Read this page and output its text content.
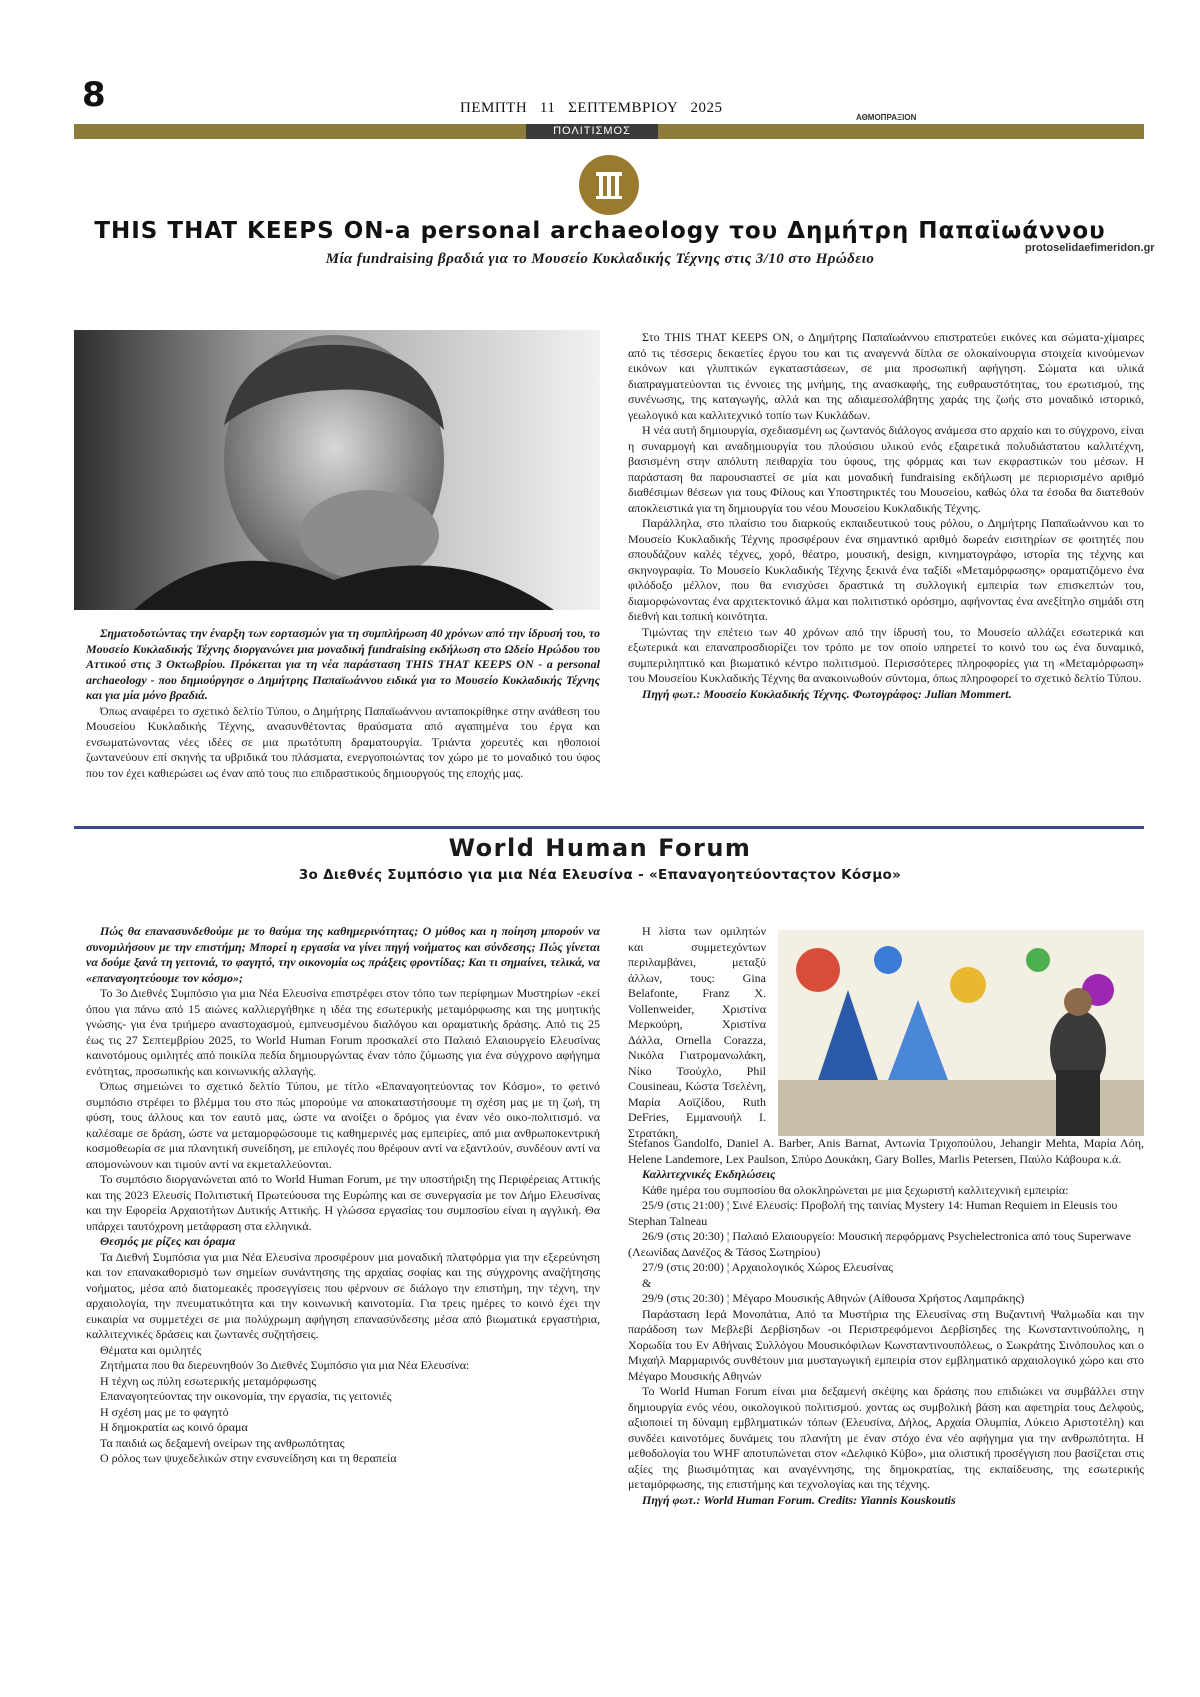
8	ΠΕΜΠΤΗ   11   ΣΕΠΤΕΜΒΡΙΟΥ   2025
ΑΘΜΟΠΡΑΞΙΟΝ
ΠΟΛΙΤΙΣΜΟΣ
THIS THAT KEEPS ON-a personal archaeology του Δημήτρη Παπαϊωάννου
protoselidaefimeridon.gr
Μία fundraising βραδιά για το Μουσείο Κυκλαδικής Τέχνης στις 3/10 στο Ηρώδειο

Σηματοδοτώντας την έναρξη των εορτασμών για τη συμπλήρωση 40 χρόνων από την ίδρυσή του, το Μουσείο Κυκλαδικής Τέχνης διοργανώνει μια μοναδική fundraising εκδήλωση στο Ωδείο Ηρώδου του Αττικού στις 3 Οκτωβρίου. Πρόκειται για τη νέα παράσταση THIS THAT KEEPS ON - a personal archaeology - που δημιούργησε ο Δημήτρης Παπαϊωάννου ειδικά για το Μουσείο Κυκλαδικής Τέχνης και για μία μόνο βραδιά.

Όπως αναφέρει το σχετικό δελτίο Τύπου, ο Δημήτρης Παπαϊωάννου ανταποκρίθηκε στην ανάθεση του Μουσείου Κυκλαδικής Τέχνης, ανασυνθέτοντας θραύσματα από αγαπημένα του έργα και ενσωματώνοντας νέες ιδέες σε μια πρωτότυπη δραματουργία. Τριάντα χορευτές και ηθοποιοί ζωντανεύουν επί σκηνής τα υβριδικά του πλάσματα, ενεργοποιώντας τον χώρο με το μοναδικό του ύφος που τον έχει καθιερώσει ως έναν από τους πιο επιδραστικούς δημιουργούς της εποχής μας.

Στο THIS THAT KEEPS ON, ο Δημήτρης Παπαϊωάννου επιστρατεύει εικόνες και σώματα-χίμαιρες από τις τέσσερις δεκαετίες έργου του και τις αναγεννά δίπλα σε ολοκαίνουργια στοιχεία κινούμενων εικόνων και γλυπτικών εγκαταστάσεων, σε μια προσωπική αφήγηση. Σώματα και υλικά διαπραγματεύονται τις έννοιες της μνήμης, της ανασκαφής, της ευθραυστότητας, του ερωτισμού, της συνένωσης, της καταγωγής, αλλά και της αδιαμεσολάβητης χαράς της ζωής στο μοναδικό ιστορικό, γεωλογικό και καλλιτεχνικό τοπίο των Κυκλάδων.

Η νέα αυτή δημιουργία, σχεδιασμένη ως ζωντανός διάλογος ανάμεσα στο αρχαίο και το σύγχρονο, είναι η συναρμογή και αναδημιουργία του πλούσιου υλικού ενός εξαιρετικά πολυδιάστατου καλλιτέχνη, βασισμένη στην απόλυτη πειθαρχία του ύφους, της φόρμας και των εκφραστικών του μέσων. Η παράσταση θα παρουσιαστεί σε μία και μοναδική fundraising εκδήλωση με περιορισμένο αριθμό διαθέσιμων θέσεων για τους Φίλους και Υποστηρικτές του Μουσείου, καθώς όλα τα έσοδα θα διατεθούν αποκλειστικά για τη δημιουργία του νέου Μουσείου Κυκλαδικής Τέχνης.

Παράλληλα, στο πλαίσιο του διαρκούς εκπαιδευτικού τους ρόλου, ο Δημήτρης Παπαϊωάννου και το Μουσείο Κυκλαδικής Τέχνης προσφέρουν ένα σημαντικό αριθμό δωρεάν εισιτηρίων σε φοιτητές που σπουδάζουν καλές τέχνες, χορό, θέατρο, μουσική, design, κινηματογράφο, ιστορία της τέχνης και σκηνογραφία. Το Μουσείο Κυκλαδικής Τέχνης ξεκινά ένα ταξίδι «Μεταμόρφωσης» οραματιζόμενο ένα φιλόδοξο μέλλον, που θα ενισχύσει δραστικά τη συλλογική εμπειρία των επισκεπτών του, διαμορφώνοντας ένα αρχιτεκτονικό άλμα και πολιτιστικό ορόσημο, αφήνοντας ένα ανεξίτηλο σημάδι στη διεθνή και τοπική κοινότητα.

Τιμώντας την επέτειο των 40 χρόνων από την ίδρυσή του, το Μουσείο αλλάζει εσωτερικά και εξωτερικά και επαναπροσδιορίζει τον τρόπο με τον οποίο υπηρετεί το κοινό του ως ένα δυναμικό, συμπεριληπτικό και βιωματικό κέντρο πολιτισμού. Περισσότερες πληροφορίες για τη «Μεταμόρφωση» του Μουσείου Κυκλαδικής Τέχνης θα ανακοινωθούν σύντομα, όπως πληροφορεί το σχετικό δελτίο Τύπου.

Πηγή φωτ.: Μουσείο Κυκλαδικής Τέχνης. Φωτογράφος: Julian Mommert.

World Human Forum
3ο Διεθνές Συμπόσιο για μια Νέα Ελευσίνα - «Επαναγοητεύονταςτον Κόσμο»

Πώς θα επανασυνδεθούμε με το θαύμα της καθημερινότητας; Ο μύθος και η ποίηση μπορούν να συνομιλήσουν με την επιστήμη; Μπορεί η εργασία να γίνει πηγή νοήματος και σύνδεσης; Πώς γίνεται να δούμε ξανά τη γειτονιά, το φαγητό, την οικονομία ως πράξεις φροντίδας; Και τι σημαίνει, τελικά, να «επαναγοητεύουμε τον κόσμο»;

Το 3ο Διεθνές Συμπόσιο για μια Νέα Ελευσίνα επιστρέφει στον τόπο των περίφημων Μυστηρίων -εκεί όπου για πάνω από 15 αιώνες καλλιεργήθηκε η ιδέα της εσωτερικής μεταμόρφωσης και της μυητικής γνώσης- για ένα τριήμερο αναστοχασμού, εμπνευσμένου διαλόγου και οραματικής δράσης. Από τις 25 έως τις 27 Σεπτεμβρίου 2025, το World Human Forum προσκαλεί στο Παλαιό Ελαιουργείο Ελευσίνας καινοτόμους ομιλητές από ποικίλα πεδία δημιουργώντας έναν τόπο ζύμωσης για ένα σύγχρονο αφήγημα ενότητας, προσωπικής και κοινωνικής αλλαγής.

Όπως σημειώνει το σχετικό δελτίο Τύπου, με τίτλο «Επαναγοητεύοντας τον Κόσμο», το φετινό συμπόσιο στρέφει το βλέμμα του στο πώς μπορούμε να αποκαταστήσουμε τη σχέση μας με τη ζωή, τη φύση, τους άλλους και τον εαυτό μας, ώστε να ανοίξει ο δρόμος για έναν νέο οικο-πολιτισμό. να καλέσαμε σε δράση, ώστε να μεταμορφώσουμε τις καθημερινές μας εμπειρίες, από μια ανθρωποκεντρική κοσμοθεωρία σε μια πλανητική συνείδηση, με επιλογές που θρέφουν αντί να εξαντλούν, συνδέουν αντί να απομονώνουν και τιμούν αντί να εκμεταλλεύονται.

Το συμπόσιο διοργανώνεται από το World Human Forum, με την υποστήριξη της Περιφέρειας Αττικής και της 2023 Ελευσίς Πολιτιστική Πρωτεύουσα της Ευρώπης και σε συνεργασία με τον Δήμο Ελευσίνας και την Εφορεία Αρχαιοτήτων Δυτικής Αττικής. Η γλώσσα εργασίας του συμποσίου είναι η αγγλική. Θα υπάρχει ταυτόχρονη μετάφραση στα ελληνικά.

Θεσμός με ρίζες και όραμα

Τα Διεθνή Συμπόσια για μια Νέα Ελευσίνα προσφέρουν μια μοναδική πλατφόρμα για την εξερεύνηση και τον επανακαθορισμό των σημείων συνάντησης της αρχαίας σοφίας και της σύγχρονης αναζήτησης νοήματος, μέσα από διατομεακές προσεγγίσεις που φέρνουν σε διάλογο την επιστήμη, την τέχνη, την αρχαιολογία, την πνευματικότητα και την κοινωνική καινοτομία. Για τρεις ημέρες το κοινό έχει την ευκαιρία να συμμετέχει σε μια πολύχρωμη αφήγηση επανασύνδεσης μέσα από βιωματικά εργαστήρια, καλλιτεχνικές δράσεις και ζωντανές συζητήσεις.

Θέματα και ομιλητές

Ζητήματα που θα διερευνηθούν 3ο Διεθνές Συμπόσιο για μια Νέα Ελευσίνα:

Η τέχνη ως πύλη εσωτερικής μεταμόρφωσης

Επαναγοητεύοντας την οικονομία, την εργασία, τις γειτονιές

Η σχέση μας με το φαγητό

Η δημοκρατία ως κοινό όραμα

Τα παιδιά ως δεξαμενή ονείρων της ανθρωπότητας

Ο ρόλος των ψυχεδελικών στην ενσυνείδηση και τη θεραπεία

Η λίστα των ομιλητών και συμμετεχόντων περιλαμβάνει, μεταξύ άλλων, τους: Gina Belafonte, Franz X. Vollenweider, Χριστίνα Μερκούρη, Χριστίνα Δάλλα, Ornella Corazza, Νικόλα Γιατρομανωλάκη, Νίκο Τσούχλο, Phil Cousineau, Κώστα Τσελένη, Μαρία Αοϊζίδου, Ruth DeFries, Εμμανουήλ Ι. Στρατάκη,

Stefanos Gandolfo, Daniel A. Barber, Anis Barnat, Αντωνία Τριχοπούλου, Jehangir Mehta, Μαρία Λόη, Helene Landemore, Lex Paulson, Σπύρο Δουκάκη, Gary Bolles, Marlis Petersen, Παύλο Κάβουρα κ.ά.

Καλλιτεχνικές Εκδηλώσεις

Κάθε ημέρα του συμποσίου θα ολοκληρώνεται με μια ξεχωριστή καλλιτεχνική εμπειρία:

25/9 (στις 21:00) ¦ Σινέ Ελευσίς: Προβολή της ταινίας Mystery 14: Human Requiem in Eleusis του Stephan Talneau

26/9 (στις 20:30) ¦ Παλαιό Ελαιουργείο: Μουσική περφόρμανς Psychelectronica από τους Superwave (Λεωνίδας Δανέζος & Τάσος Σωτηρίου)

27/9 (στις 20:00) ¦ Αρχαιολογικός Χώρος Ελευσίνας

&

29/9 (στις 20:30) ¦ Μέγαρο Μουσικής Αθηνών (Αίθουσα Χρήστος Λαμπράκης)

Παράσταση Ιερά Μονοπάτια, Από τα Μυστήρια της Ελευσίνας στη Βυζαντινή Ψαλμωδία και την παράδοση των Μεβλεβί Δερβίσηδων -οι Περιστρεφόμενοι Δερβίσηδες της Κωνσταντινούπολης, η Χορωδία του Εν Αθήναις Συλλόγου Μουσικόφιλων Κωνσταντινουπόλεως, ο Σωκράτης Σινόπουλος και ο Μιχαήλ Μαρμαρινός συνθέτουν μια μυσταγωγική εμπειρία στον εμβληματικό αρχαιολογικό χώρο και στο Μέγαρο Μουσικής Αθηνών

Το World Human Forum είναι μια δεξαμενή σκέψης και δράσης που επιδιώκει να συμβάλλει στην δημιουργία ενός νέου, οικολογικού πολιτισμού. χοντας ως συμβολική βάση και αφετηρία τους Δελφούς, αξιοποιεί τη δύναμη εμβληματικών τόπων (Ελευσίνα, Δήλος, Αρχαία Ολυμπία, Λύκειο Αριστοτέλη) και συνδέει καινοτόμες δυνάμεις του πλανήτη με έναν στόχο ένα νέο αφήγημα για την ανθρωπότητα. Η μεθοδολογία του WHF αποτυπώνεται στον «Δελφικό Κύβο», μια ολιστική προσέγγιση που βασίζεται στις αξίες της βιωσιμότητας και αναγέννησης, της δημοκρατίας, της εκπαίδευσης, της εσωτερικής μεταμόρφωσης, της επιστήμης και τεχνολογίας και της τέχνης.

Πηγή φωτ.: World Human Forum. Credits: Yiannis Kouskoutis
